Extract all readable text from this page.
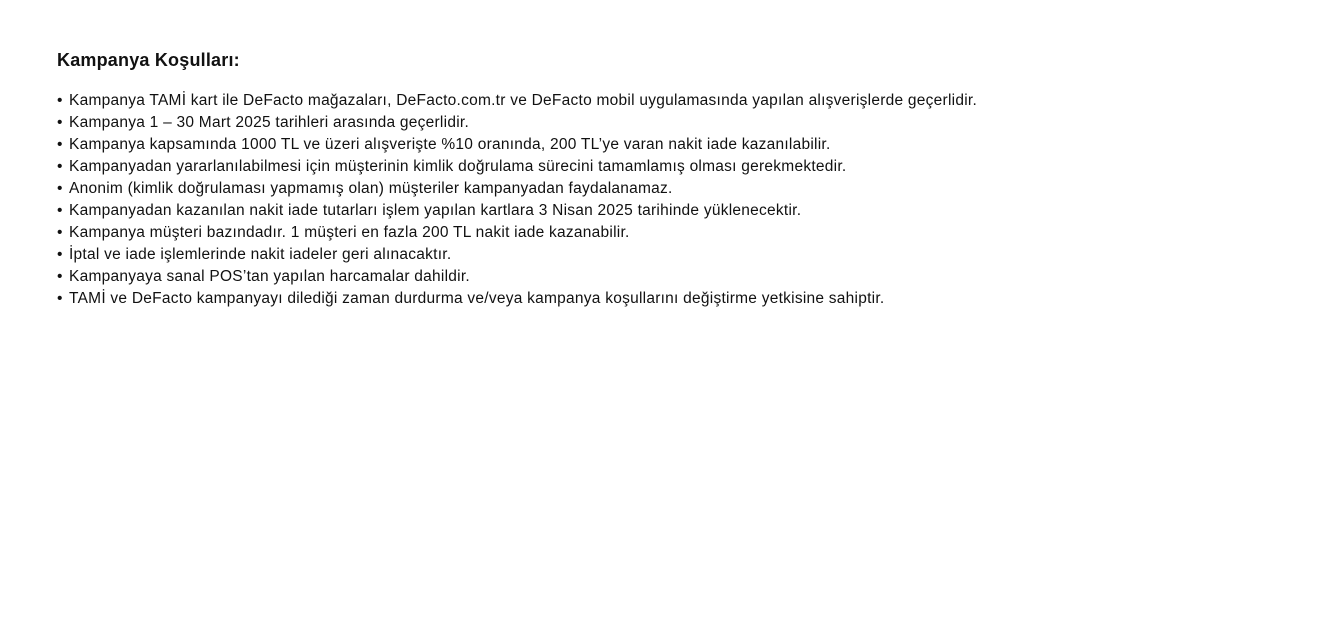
Kampanya Koşulları:
• Kampanya TAMİ kart ile DeFacto mağazaları, DeFacto.com.tr ve DeFacto mobil uygulamasında yapılan alışverişlerde geçerlidir.
• Kampanya 1 – 30 Mart 2025 tarihleri arasında geçerlidir.
• Kampanya kapsamında 1000 TL ve üzeri alışverişte %10 oranında, 200 TL’ye varan nakit iade kazanılabilir.
• Kampanyadan yararlanılabilmesi için müşterinin kimlik doğrulama sürecini tamamlamış olması gerekmektedir.
• Anonim (kimlik doğrulaması yapmamış olan) müşteriler kampanyadan faydalanamaz.
• Kampanyadan kazanılan nakit iade tutarları işlem yapılan kartlara 3 Nisan 2025 tarihinde yüklenecektir.
• Kampanya müşteri bazındadır. 1 müşteri en fazla 200 TL nakit iade kazanabilir.
• İptal ve iade işlemlerinde nakit iadeler geri alınacaktır.
• Kampanyaya sanal POS’tan yapılan harcamalar dahildir.
• TAMİ ve DeFacto kampanyayı dilediği zaman durdurma ve/veya kampanya koşullarını değiştirme yetkisine sahiptir.
